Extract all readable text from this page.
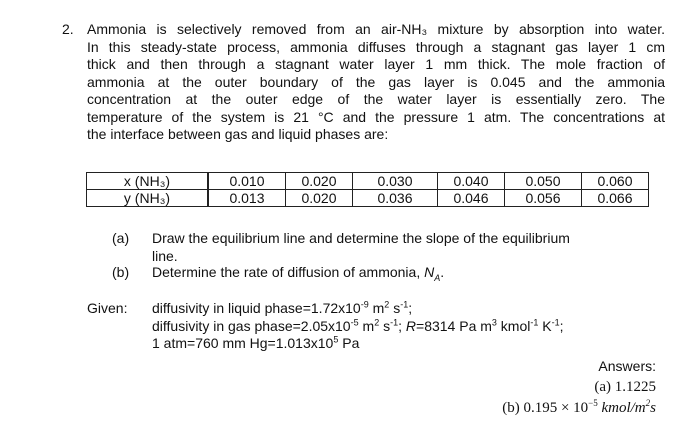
2. Ammonia is selectively removed from an air-NH₃ mixture by absorption into water.
In this steady-state process, ammonia diffuses through a stagnant gas layer 1 cm
thick and then through a stagnant water layer 1 mm thick. The mole fraction of
ammonia at the outer boundary of the gas layer is 0.045 and the ammonia
concentration at the outer edge of the water layer is essentially zero. The
temperature of the system is 21 °C and the pressure 1 atm. The concentrations at
the interface between gas and liquid phases are:
x (NH₃)	0.010	0.020	0.030	0.040	0.050	0.060
y (NH₃)	0.013	0.020	0.036	0.046	0.056	0.066
(a) Draw the equilibrium line and determine the slope of the equilibrium
line.
(b) Determine the rate of diffusion of ammonia, $N_A$.
Given: diffusivity in liquid $phase=1.72x10^{-9}$ $m^2$ $s^{-1}$;
diffusivity in gas $phase=2.05x10^{-5}$ $m^2$ $s^{-1}$; R=8314 Pa $m^3$ kmol$^{-1}$ $K^{-1}$;
1 atm=760 mm $Hg=1.013x10^5$ Pa
Answers:
(a) 1.1225
(b) $0.195 \times 10^{-5}$ kmol/$m^2s$
